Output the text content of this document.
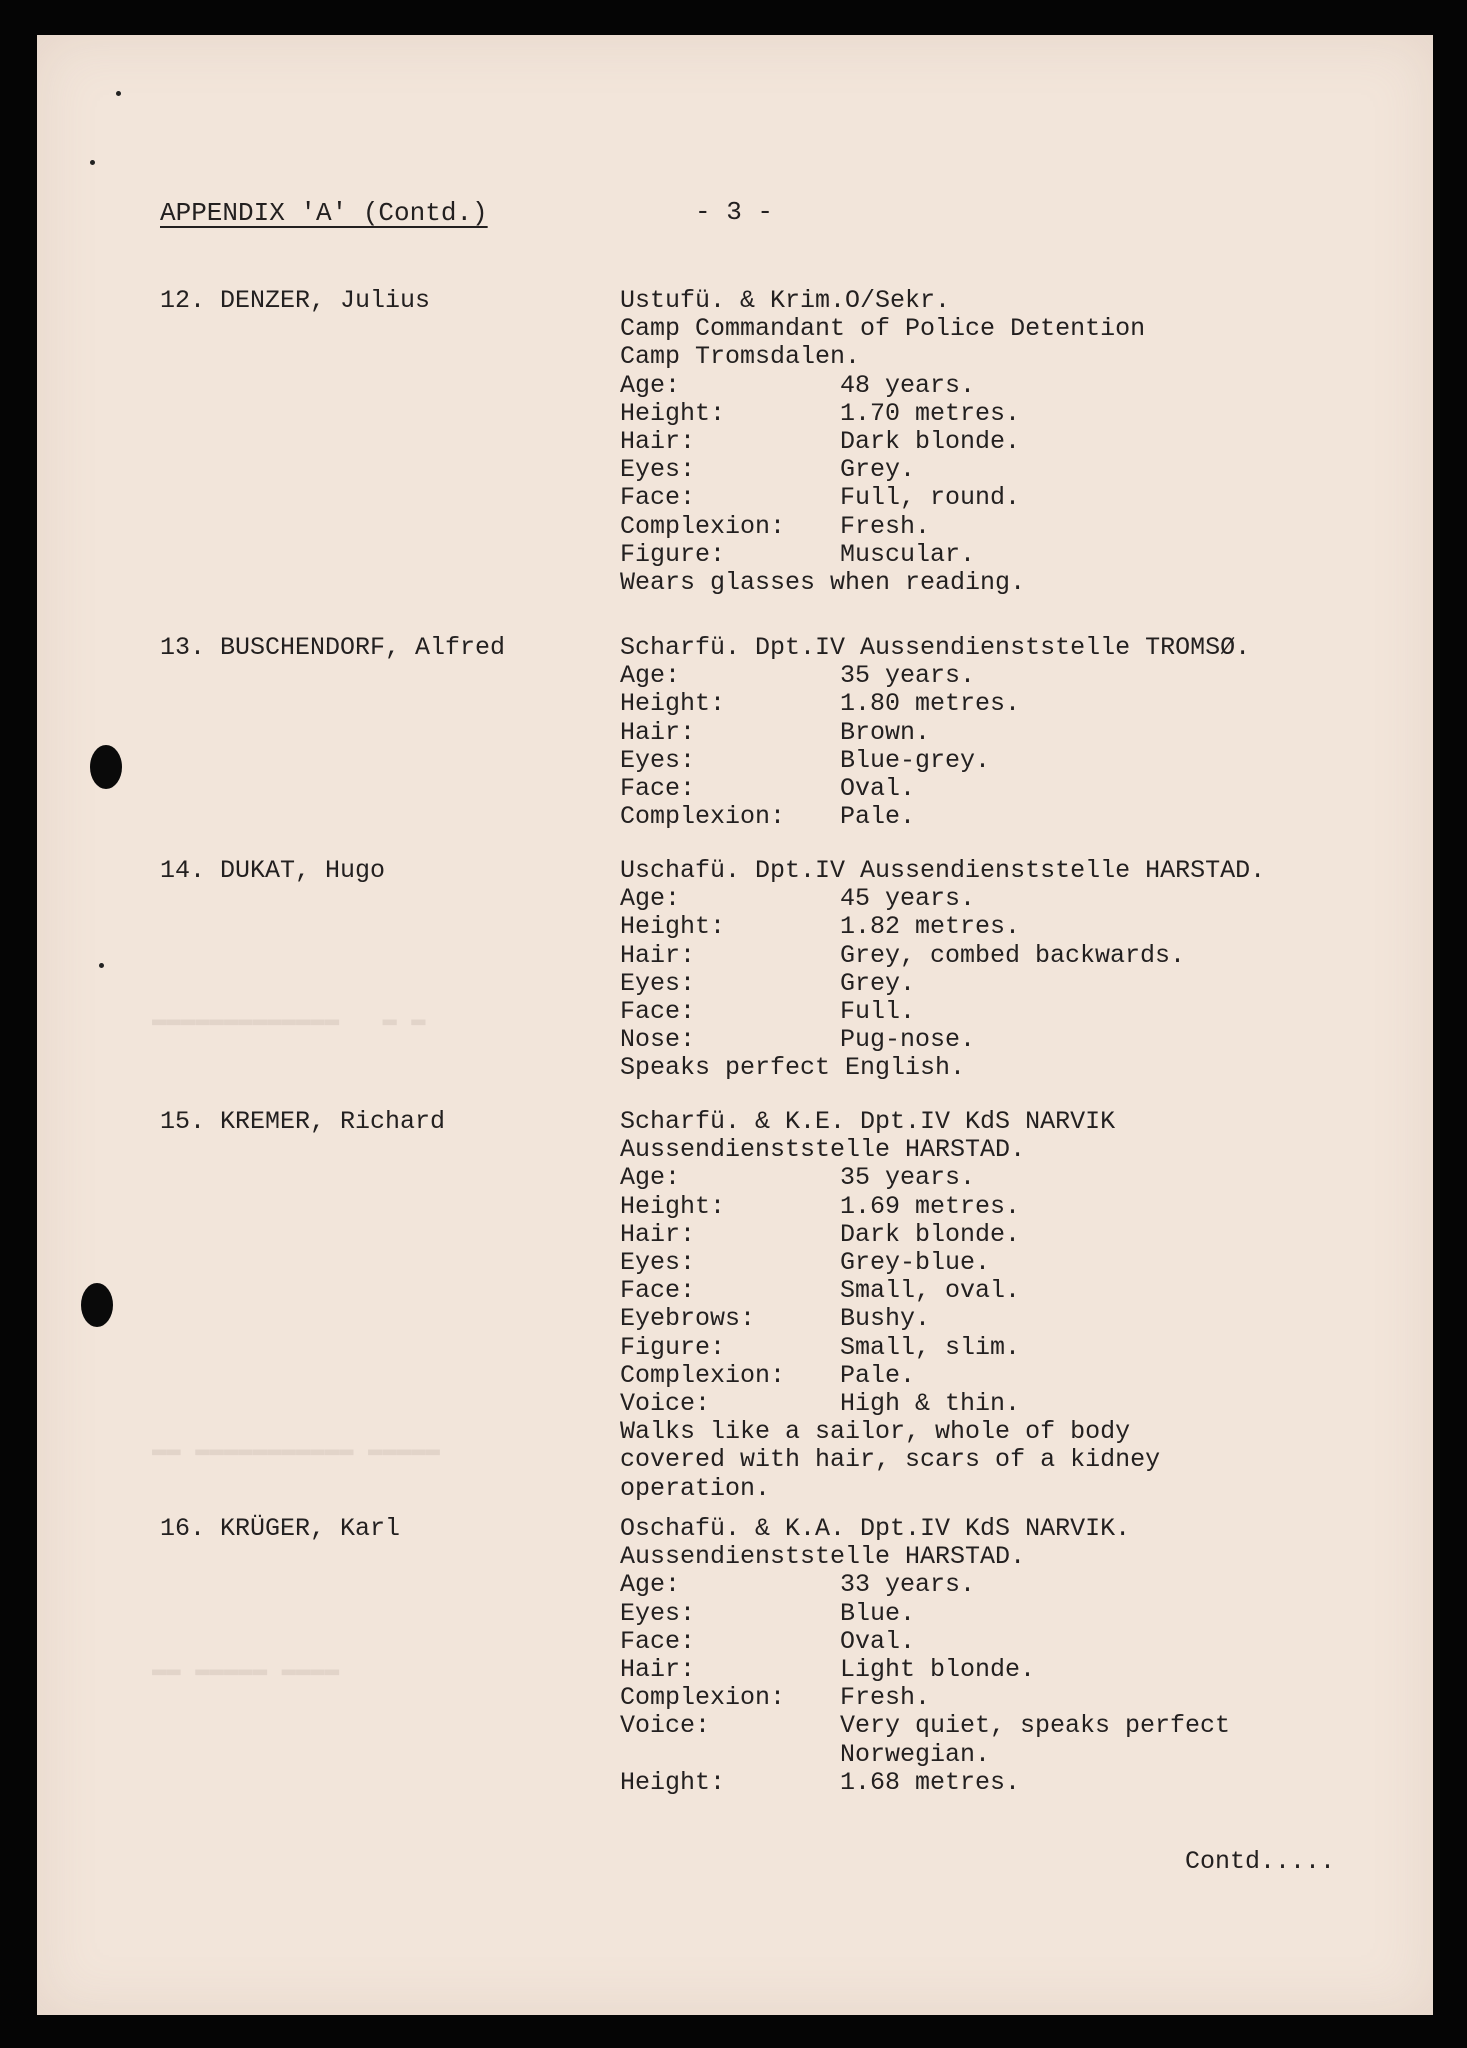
▬▬▬▬▬▬▬▬▬▬▬▬▬   ▬ ▬
▬▬ ▬▬▬▬▬▬▬▬▬▬▬ ▬▬▬▬▬
▬▬ ▬▬▬▬▬ ▬▬▬▬
APPENDIX 'A' (Contd.)	- 3 -
12. DENZER, Julius	Ustufü. & Krim.O/Sekr.
Camp Commandant of Police Detention
Camp Tromsdalen.
Age:	48 years.
Height:	1.70 metres.
Hair:	Dark blonde.
Eyes:	Grey.
Face:	Full, round.
Complexion:	Fresh.
Figure:	Muscular.
Wears glasses when reading.
13. BUSCHENDORF, Alfred	Scharfü. Dpt.IV Aussendienststelle TROMSØ.
Age:	35 years.
Height:	1.80 metres.
Hair:	Brown.
Eyes:	Blue-grey.
Face:	Oval.
Complexion:	Pale.
14. DUKAT, Hugo	Uschafü. Dpt.IV Aussendienststelle HARSTAD.
Age:	45 years.
Height:	1.82 metres.
Hair:	Grey, combed backwards.
Eyes:	Grey.
Face:	Full.
Nose:	Pug-nose.
Speaks perfect English.
15. KREMER, Richard	Scharfü. & K.E. Dpt.IV KdS NARVIK
Aussendienststelle HARSTAD.
Age:	35 years.
Height:	1.69 metres.
Hair:	Dark blonde.
Eyes:	Grey-blue.
Face:	Small, oval.
Eyebrows:	Bushy.
Figure:	Small, slim.
Complexion:	Pale.
Voice:	High & thin.
Walks like a sailor, whole of body
covered with hair, scars of a kidney
operation.
16. KRÜGER, Karl	Oschafü. & K.A. Dpt.IV KdS NARVIK.
Aussendienststelle HARSTAD.
Age:	33 years.
Eyes:	Blue.
Face:	Oval.
Hair:	Light blonde.
Complexion:	Fresh.
Voice:	Very quiet, speaks perfect
Norwegian.
Height:	1.68 metres.
Contd.....
